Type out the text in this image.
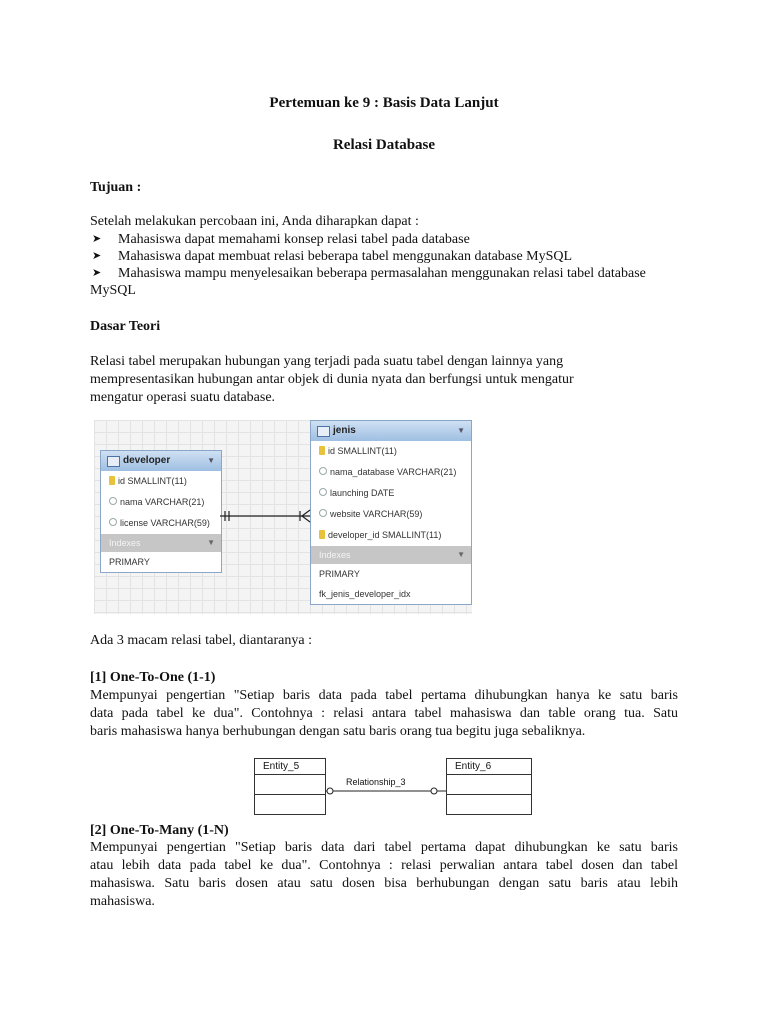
Pertemuan ke 9 : Basis Data Lanjut
Relasi Database
Tujuan :
Setelah melakukan percobaan ini, Anda diharapkan dapat :
➤ Mahasiswa dapat memahami konsep relasi tabel pada database
➤ Mahasiswa dapat membuat relasi beberapa tabel menggunakan database MySQL
➤ Mahasiswa mampu menyelesaikan beberapa permasalahan menggunakan relasi tabel database MySQL
Dasar Teori
Relasi tabel merupakan hubungan yang terjadi pada suatu tabel dengan lainnya yang
mempresentasikan hubungan antar objek di dunia nyata dan berfungsi untuk mengatur
mengatur operasi suatu database.
developer	▼
id SMALLINT(11)
nama VARCHAR(21)
license VARCHAR(59)
Indexes	▼
PRIMARY
jenis	▼
id SMALLINT(11)
nama_database VARCHAR(21)
launching DATE
website VARCHAR(59)
developer_id SMALLINT(11)
Indexes	▼
PRIMARY
fk_jenis_developer_idx
Ada 3 macam relasi tabel, diantaranya :
[1] One-To-One (1-1)
Mempunyai pengertian "Setiap baris data pada tabel pertama dihubungkan hanya ke satu baris
data pada tabel ke dua". Contohnya : relasi antara tabel mahasiswa dan table orang tua. Satu
baris mahasiswa hanya berhubungan dengan satu baris orang tua begitu juga sebaliknya.
Entity_5	Entity_6
Relationship_3
[2] One-To-Many (1-N)
Mempunyai pengertian "Setiap baris data dari tabel pertama dapat dihubungkan ke satu baris
atau lebih data pada tabel ke dua". Contohnya : relasi perwalian antara tabel dosen dan tabel
mahasiswa. Satu baris dosen atau satu dosen bisa berhubungan dengan satu baris atau lebih
mahasiswa.
